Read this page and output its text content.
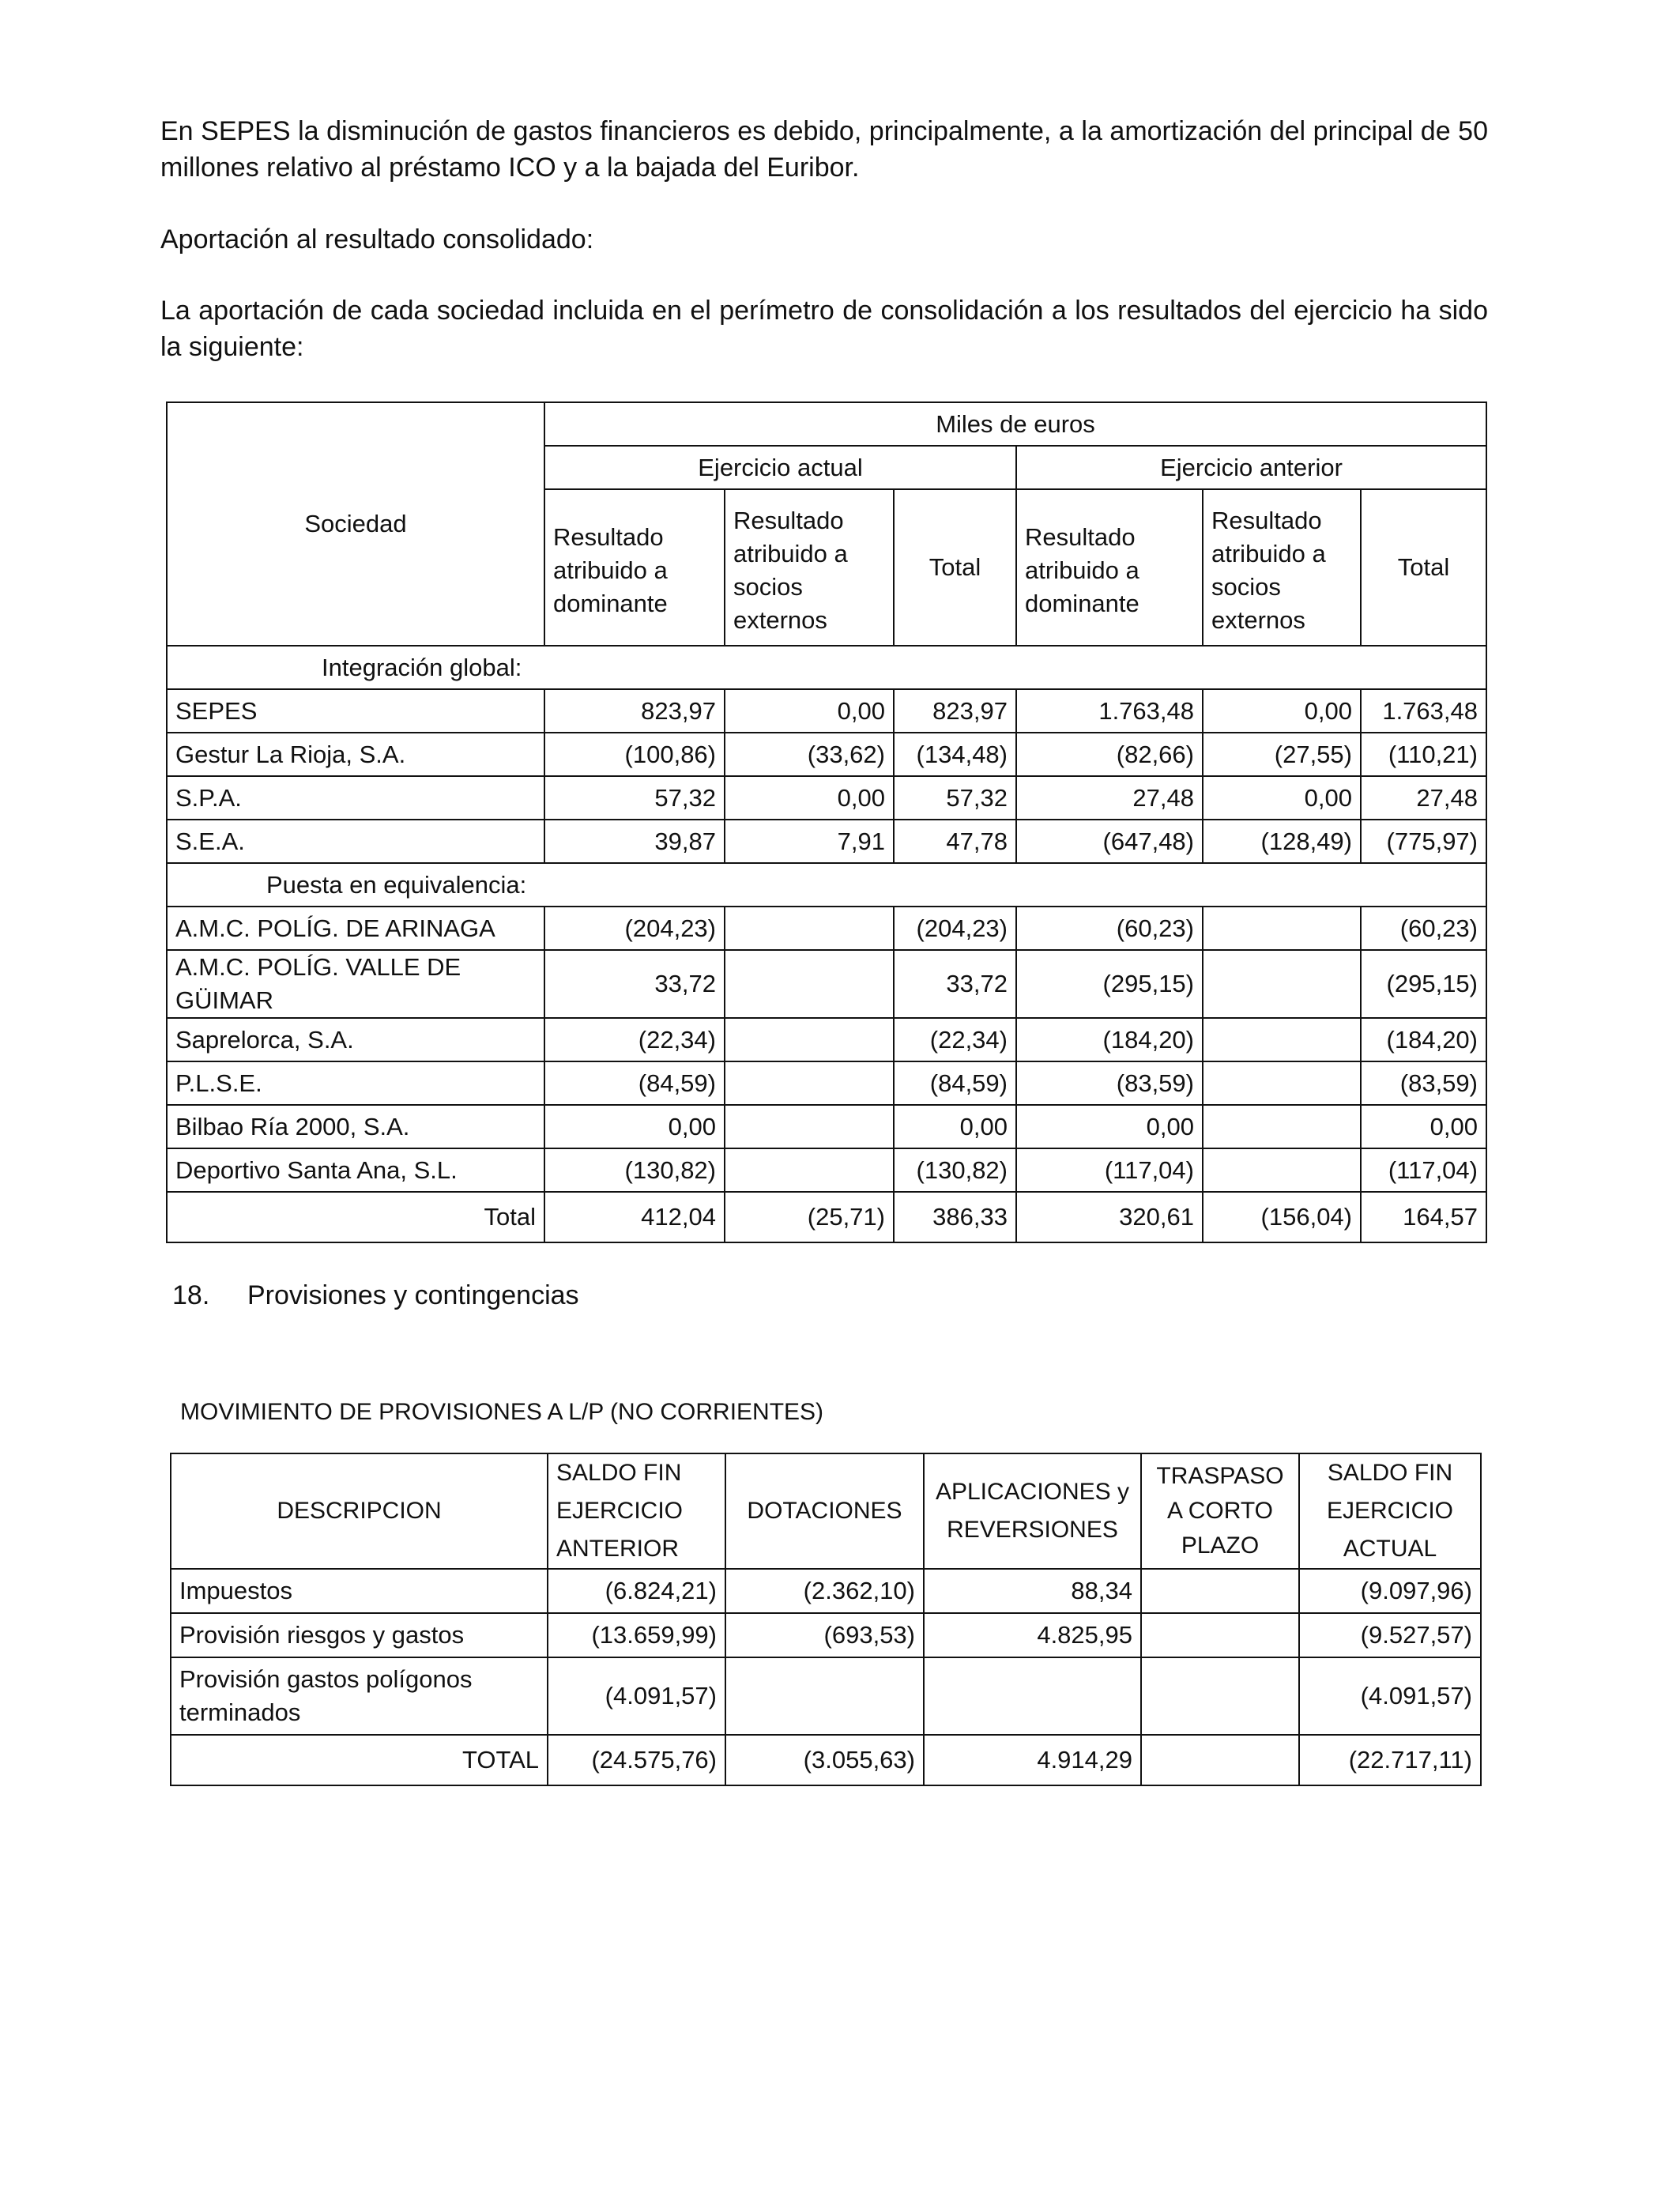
En SEPES la disminución de gastos financieros es debido, principalmente, a la amortización del principal de 50 millones relativo al préstamo ICO y a la bajada del Euribor.

Aportación al resultado consolidado:

La aportación de cada sociedad incluida en el perímetro de consolidación a los resultados del ejercicio ha sido la siguiente:

Sociedad	Miles de euros					
	Ejercicio actual			Ejercicio anterior		
	Resultado atribuido a dominante	Resultado atribuido a socios externos	Total	Resultado atribuido a dominante	Resultado atribuido a socios externos	Total
Integración global:						
SEPES	823,97	0,00	823,97	1.763,48	0,00	1.763,48
Gestur La Rioja, S.A.	(100,86)	(33,62)	(134,48)	(82,66)	(27,55)	(110,21)
S.P.A.	57,32	0,00	57,32	27,48	0,00	27,48
S.E.A.	39,87	7,91	47,78	(647,48)	(128,49)	(775,97)
Puesta en equivalencia:						
A.M.C. POLÍG. DE ARINAGA	(204,23)		(204,23)	(60,23)		(60,23)
A.M.C. POLÍG. VALLE DE GÜIMAR	33,72		33,72	(295,15)		(295,15)
Saprelorca, S.A.	(22,34)		(22,34)	(184,20)		(184,20)
P.L.S.E.	(84,59)		(84,59)	(83,59)		(83,59)
Bilbao Ría 2000, S.A.	0,00		0,00	0,00		0,00
Deportivo Santa Ana, S.L.	(130,82)		(130,82)	(117,04)		(117,04)
Total	412,04	(25,71)	386,33	320,61	(156,04)	164,57

18. Provisiones y contingencias

MOVIMIENTO DE PROVISIONES A L/P (NO CORRIENTES)

DESCRIPCION	SALDO FIN EJERCICIO ANTERIOR	DOTACIONES	APLICACIONES y REVERSIONES	TRASPASO A CORTO PLAZO	SALDO FIN EJERCICIO ACTUAL
Impuestos	(6.824,21)	(2.362,10)	88,34		(9.097,96)
Provisión riesgos y gastos	(13.659,99)	(693,53)	4.825,95		(9.527,57)
Provisión gastos polígonos terminados	(4.091,57)				(4.091,57)
TOTAL	(24.575,76)	(3.055,63)	4.914,29		(22.717,11)
